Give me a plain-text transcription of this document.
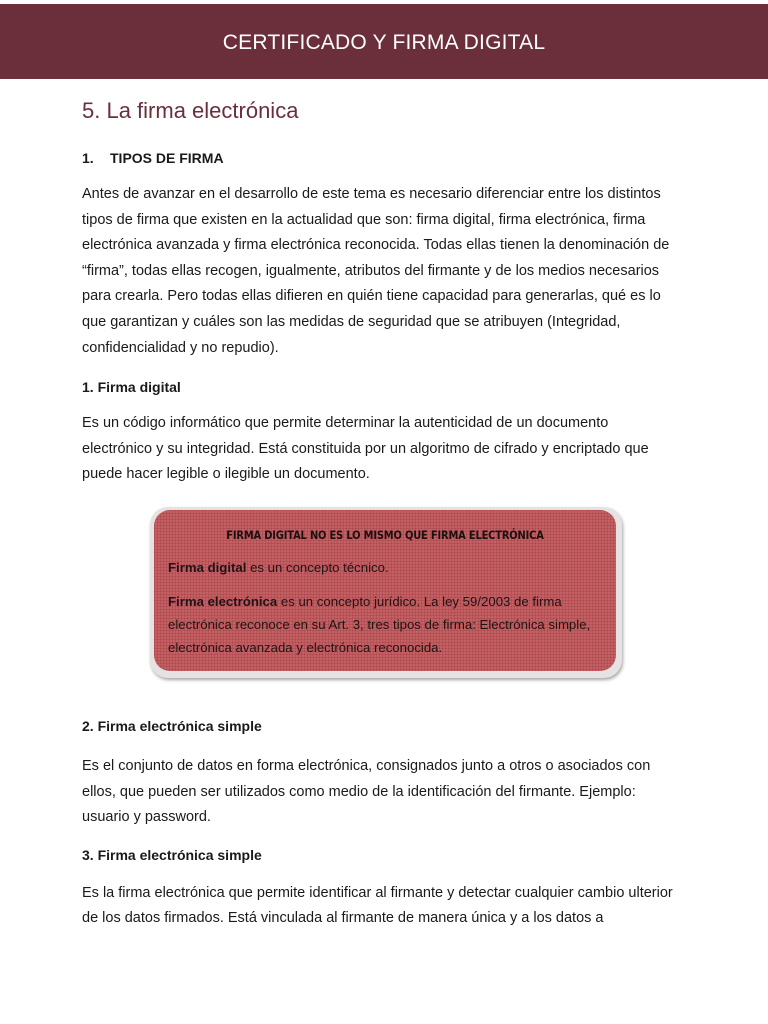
CERTIFICADO Y FIRMA DIGITAL
5. La firma electrónica

1. TIPOS DE FIRMA

Antes de avanzar en el desarrollo de este tema es necesario diferenciar entre los distintos tipos de firma que existen en la actualidad que son: firma digital, firma electrónica, firma electrónica avanzada y firma electrónica reconocida. Todas ellas tienen la denominación de “firma”, todas ellas recogen, igualmente, atributos del firmante y de los medios necesarios para crearla. Pero todas ellas difieren en quién tiene capacidad para generarlas, qué es lo que garantizan y cuáles son las medidas de seguridad que se atribuyen (Integridad, confidencialidad y no repudio).

1. Firma digital

Es un código informático que permite determinar la autenticidad de un documento electrónico y su integridad. Está constituida por un algoritmo de cifrado y encriptado que puede hacer legible o ilegible un documento.

FIRMA DIGITAL NO ES LO MISMO QUE FIRMA ELECTRÓNICA

Firma digital es un concepto técnico.

Firma electrónica es un concepto jurídico. La ley 59/2003 de firma electrónica reconoce en su Art. 3, tres tipos de firma: Electrónica simple, electrónica avanzada y electrónica reconocida.

2. Firma electrónica simple

Es el conjunto de datos en forma electrónica, consignados junto a otros o asociados con ellos, que pueden ser utilizados como medio de la identificación del firmante. Ejemplo: usuario y password.

3. Firma electrónica simple

Es la firma electrónica que permite identificar al firmante y detectar cualquier cambio ulterior de los datos firmados. Está vinculada al firmante de manera única y a los datos a
